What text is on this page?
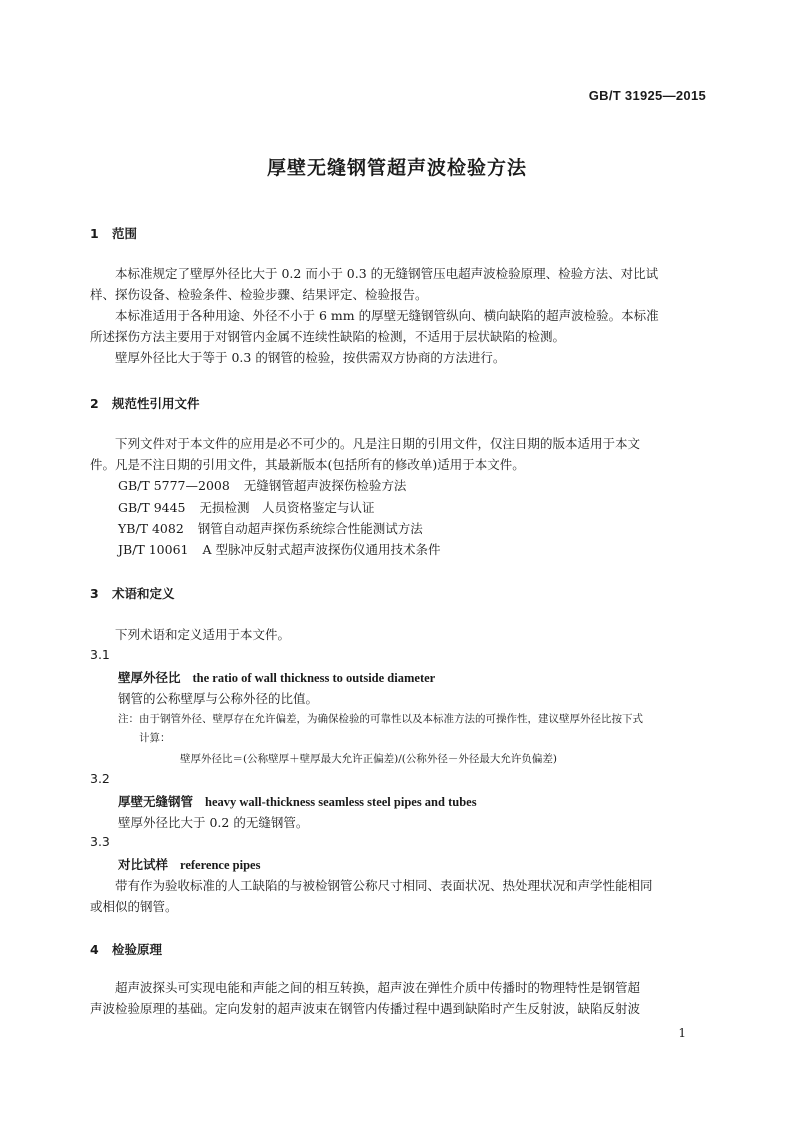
GB/T 31925—2015
厚壁无缝钢管超声波检验方法
1 范围
　　本标准规定了壁厚外径比大于 0.2 而小于 0.3 的无缝钢管压电超声波检验原理、检验方法、对比试
样、探伤设备、检验条件、检验步骤、结果评定、检验报告。
　　本标准适用于各种用途、外径不小于 6 mm 的厚壁无缝钢管纵向、横向缺陷的超声波检验。本标准
所述探伤方法主要用于对钢管内金属不连续性缺陷的检测，不适用于层状缺陷的检测。
　　壁厚外径比大于等于 0.3 的钢管的检验，按供需双方协商的方法进行。
2 规范性引用文件
　　下列文件对于本文件的应用是必不可少的。凡是注日期的引用文件，仅注日期的版本适用于本文
件。凡是不注日期的引用文件，其最新版本(包括所有的修改单)适用于本文件。
GB/T 5777—2008 无缝钢管超声波探伤检验方法
GB/T 9445 无损检测　人员资格鉴定与认证
YB/T 4082 钢管自动超声探伤系统综合性能测试方法
JB/T 10061 A 型脉冲反射式超声波探伤仪通用技术条件
3 术语和定义
　　下列术语和定义适用于本文件。
3.1
壁厚外径比 the ratio of wall thickness to outside diameter
钢管的公称壁厚与公称外径的比值。
注：由于钢管外径、壁厚存在允许偏差，为确保检验的可靠性以及本标准方法的可操作性，建议壁厚外径比按下式
计算：
壁厚外径比＝(公称壁厚＋壁厚最大允许正偏差)/(公称外径－外径最大允许负偏差)
3.2
厚壁无缝钢管 heavy wall-thickness seamless steel pipes and tubes
壁厚外径比大于 0.2 的无缝钢管。
3.3
对比试样 reference pipes
　　带有作为验收标准的人工缺陷的与被检钢管公称尺寸相同、表面状况、热处理状况和声学性能相同
或相似的钢管。
4 检验原理
　　超声波探头可实现电能和声能之间的相互转换，超声波在弹性介质中传播时的物理特性是钢管超
声波检验原理的基础。定向发射的超声波束在钢管内传播过程中遇到缺陷时产生反射波，缺陷反射波
1
